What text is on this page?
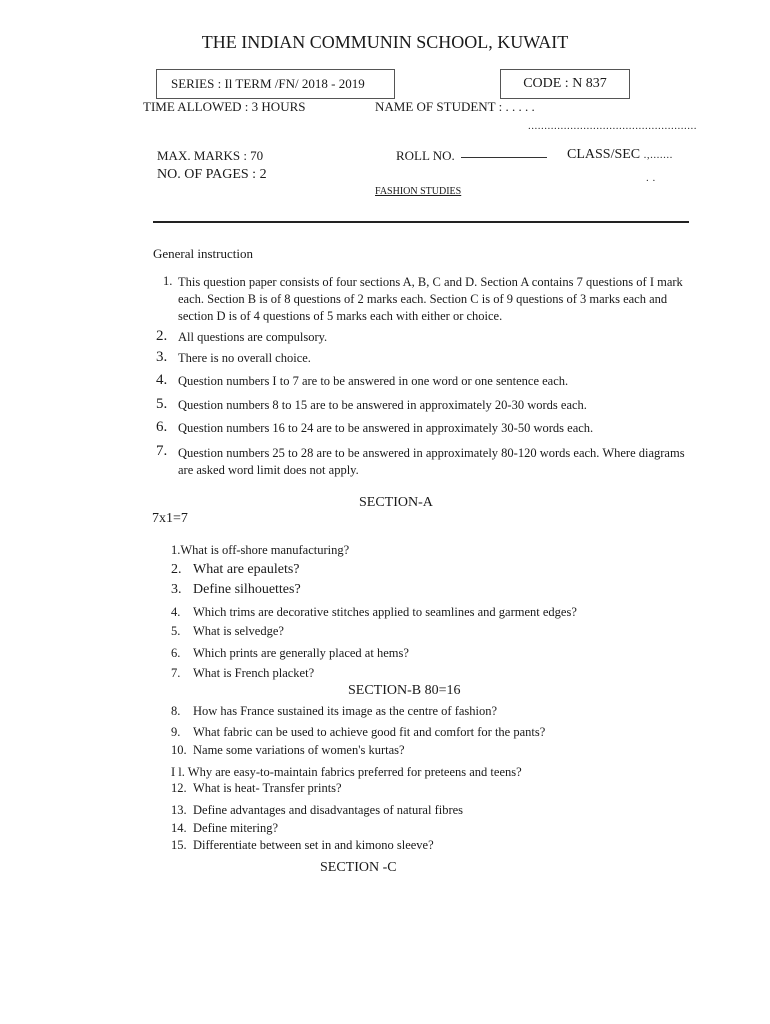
THE INDIAN COMMUNIN SCHOOL, KUWAIT
SERIES : Il TERM /FN/ 2018 - 2019	CODE : N 837
TIME ALLOWED : 3 HOURS	NAME OF STUDENT : . . . . .
....................................................
MAX. MARKS : 70	ROLL NO.	CLASS/SEC .,.......
NO. OF PAGES : 2	. .
FASHION STUDIES
General instruction
1. This question paper consists of four sections A, B, C and D. Section A contains 7 questions of I mark each. Section B is of 8 questions of 2 marks each. Section C is of 9 questions of 3 marks each and section D is of 4 questions of 5 marks each with either or choice.
2. All questions are compulsory.
3. There is no overall choice.
4. Question numbers I to 7 are to be answered in one word or one sentence each.
5. Question numbers 8 to 15 are to be answered in approximately 20-30 words each.
6. Question numbers 16 to 24 are to be answered in approximately 30-50 words each.
7. Question numbers 25 to 28 are to be answered in approximately 80-120 words each. Where diagrams are asked word limit does not apply.
SECTION-A
7x1=7
1.What is off-shore manufacturing?
2. What are epaulets?
3. Define silhouettes?
4. Which trims are decorative stitches applied to seamlines and garment edges?
5. What is selvedge?
6. Which prints are generally placed at hems?
7. What is French placket?
SECTION-B 80=16
8. How has France sustained its image as the centre of fashion?
9. What fabric can be used to achieve good fit and comfort for the pants?
10. Name some variations of women's kurtas?
I l. Why are easy-to-maintain fabrics preferred for preteens and teens?
12. What is heat- Transfer prints?
13. Define advantages and disadvantages of natural fibres
14. Define mitering?
15. Differentiate between set in and kimono sleeve?
SECTION -C
